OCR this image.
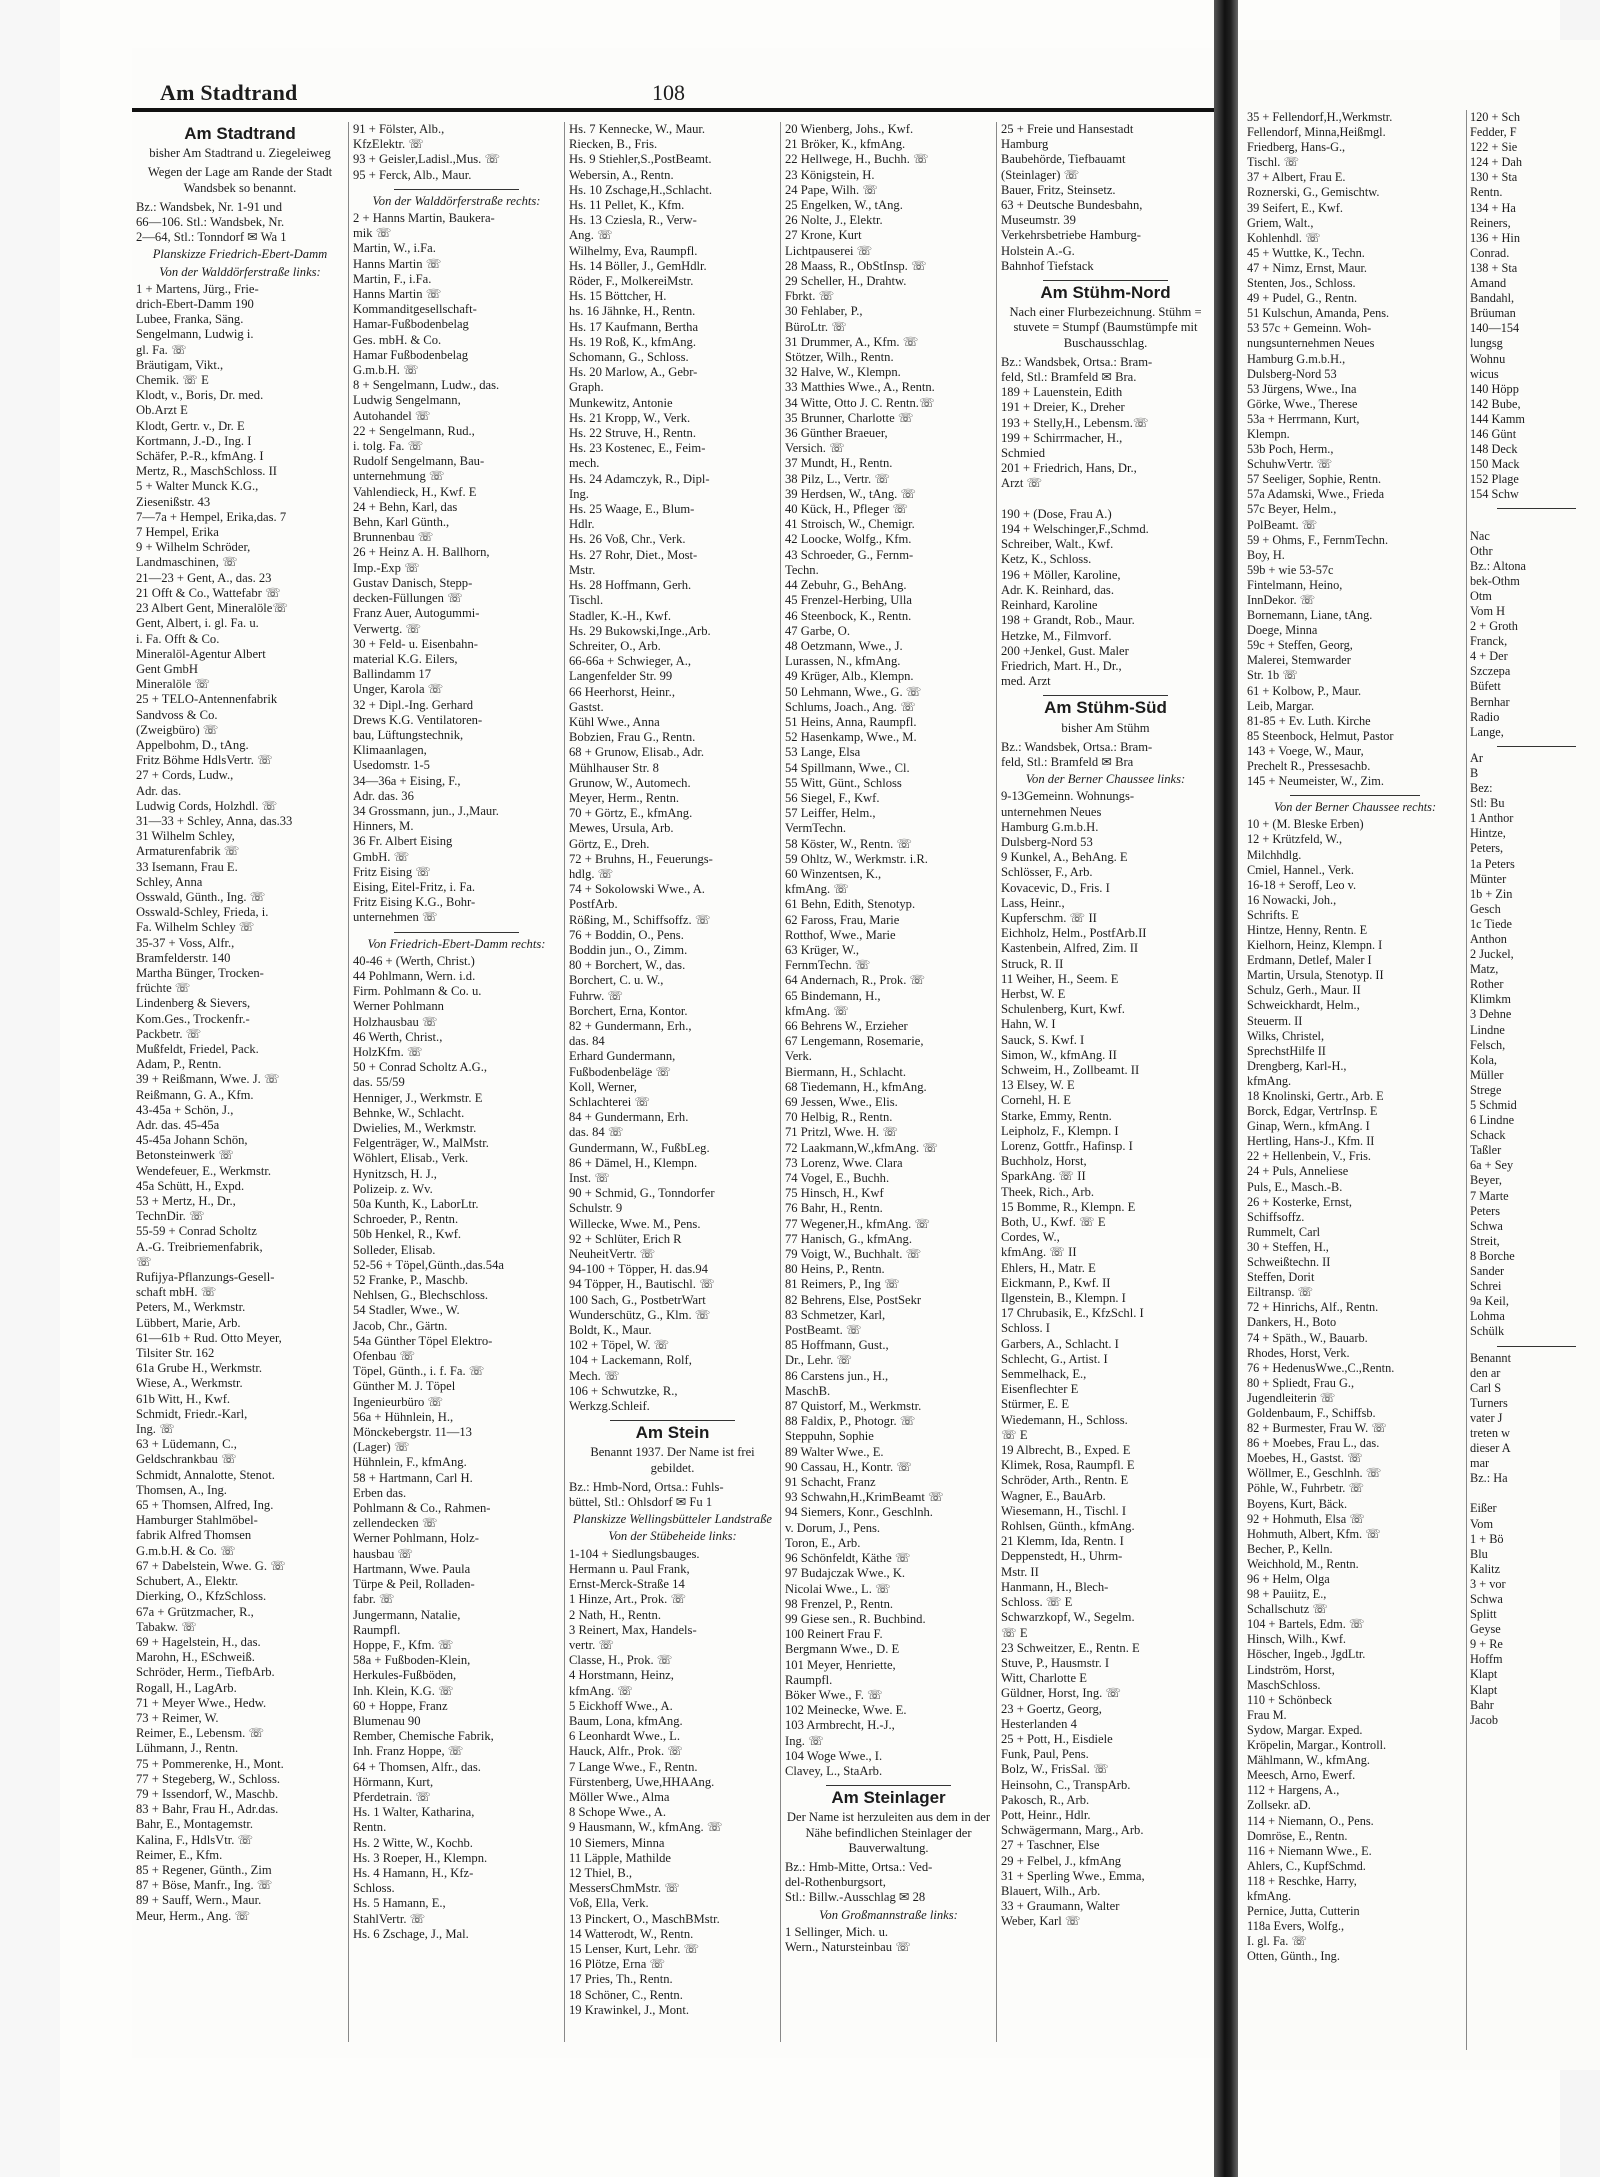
Am Stadtrand	108
Am Stadtrand
bisher Am Stadtrand u. Ziegeleiweg
Wegen der Lage am Rande der Stadt Wandsbek so benannt.
Bz.: Wandsbek, Nr. 1-91 und
66—106. Stl.: Wandsbek, Nr.
2—64, Stl.: Tonndorf ✉ Wa 1
Planskizze Friedrich-Ebert-Damm
Von der Walddörferstraße links:
1 + Martens, Jürg., Frie-
drich-Ebert-Damm 190
Lubee, Franka, Säng.
Sengelmann, Ludwig i.
gl. Fa. ☏
Bräutigam, Vikt.,
Chemik. ☏ E
Klodt, v., Boris, Dr. med.
Ob.Arzt E
Klodt, Gertr. v., Dr. E
Kortmann, J.-D., Ing. I
Schäfer, P.-R., kfmAng. I
Mertz, R., MaschSchloss. II
5 + Walter Munck K.G.,
Ziesenißstr. 43
7—7a + Hempel, Erika,das. 7
7 Hempel, Erika
9 + Wilhelm Schröder,
Landmaschinen, ☏
21—23 + Gent, A., das. 23
21 Offt & Co., Wattefabr ☏
23 Albert Gent, Mineralöle☏
Gent, Albert, i. gl. Fa. u.
i. Fa. Offt & Co.
Mineralöl-Agentur Albert
Gent GmbH
Mineralöle ☏
25 + TELO-Antennenfabrik
Sandvoss & Co.
(Zweigbüro) ☏
Appelbohm, D., tAng.
Fritz Böhme HdlsVertr. ☏
27 + Cords, Ludw.,
Adr. das.
Ludwig Cords, Holzhdl. ☏
31—33 + Schley, Anna, das.33
31 Wilhelm Schley,
Armaturenfabrik ☏
33 Isemann, Frau E.
Schley, Anna
Osswald, Günth., Ing. ☏
Osswald-Schley, Frieda, i.
Fa. Wilhelm Schley ☏
35-37 + Voss, Alfr.,
Bramfelderstr. 140
Martha Bünger, Trocken-
früchte ☏
Lindenberg & Sievers,
Kom.Ges., Trockenfr.-
Packbetr. ☏
Mußfeldt, Friedel, Pack.
Adam, P., Rentn.
39 + Reißmann, Wwe. J. ☏
Reißmann, G. A., Kfm.
43-45a + Schön, J.,
Adr. das. 45-45a
45-45a Johann Schön,
Betonsteinwerk ☏
Wendefeuer, E., Werkmstr.
45a Schütt, H., Expd.
53 + Mertz, H., Dr.,
TechnDir. ☏
55-59 + Conrad Scholtz
A.-G. Treibriemenfabrik,
☏
Rufijya-Pflanzungs-Gesell-
schaft mbH. ☏
Peters, M., Werkmstr.
Lübbert, Marie, Arb.
61—61b + Rud. Otto Meyer,
Tilsiter Str. 162
61a Grube H., Werkmstr.
Wiese, A., Werkmstr.
61b Witt, H., Kwf.
Schmidt, Friedr.-Karl,
Ing. ☏
63 + Lüdemann, C.,
Geldschrankbau ☏
Schmidt, Annalotte, Stenot.
Thomsen, A., Ing.
65 + Thomsen, Alfred, Ing.
Hamburger Stahlmöbel-
fabrik Alfred Thomsen
G.m.b.H. & Co. ☏
67 + Dabelstein, Wwe. G. ☏
Schubert, A., Elektr.
Dierking, O., KfzSchloss.
67a + Grützmacher, R.,
Tabakw. ☏
69 + Hagelstein, H., das.
Marohn, H., ESchweiß.
Schröder, Herm., TiefbArb.
Rogall, H., LagArb.
71 + Meyer Wwe., Hedw.
73 + Reimer, W.
Reimer, E., Lebensm. ☏
Lühmann, J., Rentn.
75 + Pommerenke, H., Mont.
77 + Stegeberg, W., Schloss.
79 + Issendorf, W., Maschb.
83 + Bahr, Frau H., Adr.das.
Bahr, E., Montagemstr.
Kalina, F., HdlsVtr. ☏
Reimer, E., Kfm.
85 + Regener, Günth., Zim
87 + Böse, Manfr., Ing. ☏
89 + Sauff, Wern., Maur.
Meur, Herm., Ang. ☏
91 + Fölster, Alb.,
KfzElektr. ☏
93 + Geisler,Ladisl.,Mus. ☏
95 + Ferck, Alb., Maur.
Von der Walddörferstraße rechts:
2 + Hanns Martin, Baukera-
mik ☏
Martin, W., i.Fa.
Hanns Martin ☏
Martin, F., i.Fa.
Hanns Martin ☏
Kommanditgesellschaft-
Hamar-Fußbodenbelag
Ges. mbH. & Co.
Hamar Fußbodenbelag
G.m.b.H. ☏
8 + Sengelmann, Ludw., das.
Ludwig Sengelmann,
Autohandel ☏
22 + Sengelmann, Rud.,
i. tolg. Fa. ☏
Rudolf Sengelmann, Bau-
unternehmung ☏
Vahlendieck, H., Kwf. E
24 + Behn, Karl, das
Behn, Karl Günth.,
Brunnenbau ☏
26 + Heinz A. H. Ballhorn,
Imp.-Exp ☏
Gustav Danisch, Stepp-
decken-Füllungen ☏
Franz Auer, Autogummi-
Verwertg. ☏
30 + Feld- u. Eisenbahn-
material K.G. Eilers,
Ballindamm 17
Unger, Karola ☏
32 + Dipl.-Ing. Gerhard
Drews K.G. Ventilatoren-
bau, Lüftungstechnik,
Klimaanlagen,
Usedomstr. 1-5
34—36a + Eising, F.,
Adr. das. 36
34 Grossmann, jun., J.,Maur.
Hinners, M.
36 Fr. Albert Eising
GmbH. ☏
Fritz Eising ☏
Eising, Eitel-Fritz, i. Fa.
Fritz Eising K.G., Bohr-
unternehmen ☏
Von Friedrich-Ebert-Damm rechts:
40-46 + (Werth, Christ.)
44 Pohlmann, Wern. i.d.
Firm. Pohlmann & Co. u.
Werner Pohlmann
Holzhausbau ☏
46 Werth, Christ.,
HolzKfm. ☏
50 + Conrad Scholtz A.G.,
das. 55/59
Henniger, J., Werkmstr. E
Behnke, W., Schlacht.
Dwielies, M., Werkmstr.
Felgenträger, W., MalMstr.
Wöhlert, Elisab., Verk.
Hynitzsch, H. J.,
Polizeip. z. Wv.
50a Kunth, K., LaborLtr.
Schroeder, P., Rentn.
50b Henkel, R., Kwf.
Solleder, Elisab.
52-56 + Töpel,Günth.,das.54a
52 Franke, P., Maschb.
Nehlsen, G., Blechschloss.
54 Stadler, Wwe., W.
Jacob, Chr., Gärtn.
54a Günther Töpel Elektro-
Ofenbau ☏
Töpel, Günth., i. f. Fa. ☏
Günther M. J. Töpel
Ingenieurbüro ☏
56a + Hühnlein, H.,
Mönckebergstr. 11—13
(Lager) ☏
Hühnlein, F., kfmAng.
58 + Hartmann, Carl H.
Erben das.
Pohlmann & Co., Rahmen-
zellendecken ☏
Werner Pohlmann, Holz-
hausbau ☏
Hartmann, Wwe. Paula
Türpe & Peil, Rolladen-
fabr. ☏
Jungermann, Natalie,
Raumpfl.
Hoppe, F., Kfm. ☏
58a + Fußboden-Klein,
Herkules-Fußböden,
Inh. Klein, K.G. ☏
60 + Hoppe, Franz
Blumenau 90
Rember, Chemische Fabrik,
Inh. Franz Hoppe, ☏
64 + Thomsen, Alfr., das.
Hörmann, Kurt,
Pferdetrain. ☏
Hs. 1 Walter, Katharina,
Rentn.
Hs. 2 Witte, W., Kochb.
Hs. 3 Roeper, H., Klempn.
Hs. 4 Hamann, H., Kfz-
Schloss.
Hs. 5 Hamann, E.,
StahlVertr. ☏
Hs. 6 Zschage, J., Mal.
Hs. 7 Kennecke, W., Maur.
Riecken, B., Fris.
Hs. 9 Stiehler,S.,PostBeamt.
Webersin, A., Rentn.
Hs. 10 Zschage,H.,Schlacht.
Hs. 11 Pellet, K., Kfm.
Hs. 13 Cziesla, R., Verw-
Ang. ☏
Wilhelmy, Eva, Raumpfl.
Hs. 14 Böller, J., GemHdlr.
Röder, F., MolkereiMstr.
Hs. 15 Böttcher, H.
hs. 16 Jähnke, H., Rentn.
Hs. 17 Kaufmann, Bertha
Hs. 19 Roß, K., kfmAng.
Schomann, G., Schloss.
Hs. 20 Marlow, A., Gebr-
Graph.
Munkewitz, Antonie
Hs. 21 Kropp, W., Verk.
Hs. 22 Struve, H., Rentn.
Hs. 23 Kostenec, E., Feim-
mech.
Hs. 24 Adamczyk, R., Dipl-
Ing.
Hs. 25 Waage, E., Blum-
Hdlr.
Hs. 26 Voß, Chr., Verk.
Hs. 27 Rohr, Diet., Most-
Mstr.
Hs. 28 Hoffmann, Gerh.
Tischl.
Stadler, K.-H., Kwf.
Hs. 29 Bukowski,Inge.,Arb.
Schreiter, O., Arb.
66-66a + Schwieger, A.,
Langenfelder Str. 99
66 Heerhorst, Heinr.,
Gastst.
Kühl Wwe., Anna
Bobzien, Frau G., Rentn.
68 + Grunow, Elisab., Adr.
Mühlhauser Str. 8
Grunow, W., Automech.
Meyer, Herm., Rentn.
70 + Görtz, E., kfmAng.
Mewes, Ursula, Arb.
Görtz, E., Dreh.
72 + Bruhns, H., Feuerungs-
hdlg. ☏
74 + Sokolowski Wwe., A.
PostfArb.
Rößing, M., Schiffsoffz. ☏
76 + Boddin, O., Pens.
Boddin jun., O., Zimm.
80 + Borchert, W., das.
Borchert, C. u. W.,
Fuhrw. ☏
Borchert, Erna, Kontor.
82 + Gundermann, Erh.,
das. 84
Erhard Gundermann,
Fußbodenbeläge ☏
Koll, Werner,
Schlachterei ☏
84 + Gundermann, Erh.
das. 84 ☏
Gundermann, W., FußbLeg.
86 + Dämel, H., Klempn.
Inst. ☏
90 + Schmid, G., Tonndorfer
Schulstr. 9
Willecke, Wwe. M., Pens.
92 + Schlüter, Erich R
NeuheitVertr. ☏
94-100 + Töpper, H. das.94
94 Töpper, H., Bautischl. ☏
100 Sach, G., PostbetrWart
Wunderschütz, G., Klm. ☏
Boldt, K., Maur.
102 + Töpel, W. ☏
104 + Lackemann, Rolf,
Mech. ☏
106 + Schwutzke, R.,
Werkzg.Schleif.
Am Stein
Benannt 1937. Der Name ist frei gebildet.
Bz.: Hmb-Nord, Ortsa.: Fuhls-
büttel, Stl.: Ohlsdorf ✉ Fu 1
Planskizze Wellingsbütteler Landstraße
Von der Stübeheide links:
1-104 + Siedlungsbauges.
Hermann u. Paul Frank,
Ernst-Merck-Straße 14
1 Hinze, Art., Prok. ☏
2 Nath, H., Rentn.
3 Reinert, Max, Handels-
vertr. ☏
Classe, H., Prok. ☏
4 Horstmann, Heinz,
kfmAng. ☏
5 Eickhoff Wwe., A.
Baum, Lona, kfmAng.
6 Leonhardt Wwe., L.
Hauck, Alfr., Prok. ☏
7 Lange Wwe., F., Rentn.
Fürstenberg, Uwe,HHAAng.
Möller Wwe., Alma
8 Schope Wwe., A.
9 Hausmann, W., kfmAng. ☏
10 Siemers, Minna
11 Läpple, Mathilde
12 Thiel, B.,
MessersChmMstr. ☏
Voß, Ella, Verk.
13 Pinckert, O., MaschBMstr.
14 Watterodt, W., Rentn.
15 Lenser, Kurt, Lehr. ☏
16 Plötze, Erna ☏
17 Pries, Th., Rentn.
18 Schöner, C., Rentn.
19 Krawinkel, J., Mont.
20 Wienberg, Johs., Kwf.
21 Bröker, K., kfmAng.
22 Hellwege, H., Buchh. ☏
23 Königstein, H.
24 Pape, Wilh. ☏
25 Engelken, W., tAng.
26 Nolte, J., Elektr.
27 Krone, Kurt
Lichtpauserei ☏
28 Maass, R., ObStInsp. ☏
29 Scheller, H., Drahtw.
Fbrkt. ☏
30 Fehlaber, P.,
BüroLtr. ☏
31 Drummer, A., Kfm. ☏
Stötzer, Wilh., Rentn.
32 Halve, W., Klempn.
33 Matthies Wwe., A., Rentn.
34 Witte, Otto J. C. Rentn.☏
35 Brunner, Charlotte ☏
36 Günther Braeuer,
Versich. ☏
37 Mundt, H., Rentn.
38 Pilz, L., Vertr. ☏
39 Herdsen, W., tAng. ☏
40 Kück, H., Pfleger ☏
41 Stroisch, W., Chemigr.
42 Loocke, Wolfg., Kfm.
43 Schroeder, G., Fernm-
Techn.
44 Zebuhr, G., BehAng.
45 Frenzel-Herbing, Ulla
46 Steenbock, K., Rentn.
47 Garbe, O.
48 Oetzmann, Wwe., J.
Lurassen, N., kfmAng.
49 Krüger, Alb., Klempn.
50 Lehmann, Wwe., G. ☏
Schlums, Joach., Ang. ☏
51 Heins, Anna, Raumpfl.
52 Hasenkamp, Wwe., M.
53 Lange, Elsa
54 Spillmann, Wwe., Cl.
55 Witt, Günt., Schloss
56 Siegel, F., Kwf.
57 Leiffer, Helm.,
VermTechn.
58 Köster, W., Rentn. ☏
59 Ohltz, W., Werkmstr. i.R.
60 Winzentsen, K.,
kfmAng. ☏
61 Behn, Edith, Stenotyp.
62 Faross, Frau, Marie
Rotthof, Wwe., Marie
63 Krüger, W.,
FernmTechn. ☏
64 Andernach, R., Prok. ☏
65 Bindemann, H.,
kfmAng. ☏
66 Behrens W., Erzieher
67 Lengemann, Rosemarie,
Verk.
Biermann, H., Schlacht.
68 Tiedemann, H., kfmAng.
69 Jessen, Wwe., Elis.
70 Helbig, R., Rentn.
71 Pritzl, Wwe. H. ☏
72 Laakmann,W.,kfmAng. ☏
73 Lorenz, Wwe. Clara
74 Vogel, E., Buchh.
75 Hinsch, H., Kwf
76 Bahr, H., Rentn.
77 Wegener,H., kfmAng. ☏
77 Hanisch, G., kfmAng.
79 Voigt, W., Buchhalt. ☏
80 Heins, P., Rentn.
81 Reimers, P., Ing ☏
82 Behrens, Else, PostSekr
83 Schmetzer, Karl,
PostBeamt. ☏
85 Hoffmann, Gust.,
Dr., Lehr. ☏
86 Carstens jun., H.,
MaschB.
87 Quistorf, M., Werkmstr.
88 Faldix, P., Photogr. ☏
Steppuhn, Sophie
89 Walter Wwe., E.
90 Cassau, H., Kontr. ☏
91 Schacht, Franz
93 Schwahn,H.,KrimBeamt ☏
94 Siemers, Konr., Geschlnh.
v. Dorum, J., Pens.
Toron, E., Arb.
96 Schönfeldt, Käthe ☏
97 Budajczak Wwe., K.
Nicolai Wwe., L. ☏
98 Frenzel, P., Rentn.
99 Giese sen., R. Buchbind.
100 Reinert Frau F.
Bergmann Wwe., D. E
101 Meyer, Henriette,
Raumpfl.
Böker Wwe., F. ☏
102 Meinecke, Wwe. E.
103 Armbrecht, H.-J.,
Ing. ☏
104 Woge Wwe., I.
Clavey, L., StaArb.
Am Steinlager
Der Name ist herzuleiten aus dem in der Nähe befindlichen Steinlager der Bauverwaltung.
Bz.: Hmb-Mitte, Ortsa.: Ved-
del-Rothenburgsort,
Stl.: Billw.-Ausschlag ✉ 28
Von Großmannstraße links:
1 Sellinger, Mich. u.
Wern., Natursteinbau ☏
25 + Freie und Hansestadt
Hamburg
Baubehörde, Tiefbauamt
(Steinlager) ☏
Bauer, Fritz, Steinsetz.
63 + Deutsche Bundesbahn,
Museumstr. 39
Verkehrsbetriebe Hamburg-
Holstein A.-G.
Bahnhof Tiefstack
Am Stühm-Nord
Nach einer Flurbezeichnung. Stühm = stuvete = Stumpf (Baumstümpfe mit Buschausschlag.
Bz.: Wandsbek, Ortsa.: Bram-
feld, Stl.: Bramfeld ✉ Bra.
189 + Lauenstein, Edith
191 + Dreier, K., Dreher
193 + Stelly,H., Lebensm.☏
199 + Schirrmacher, H.,
Schmied
201 + Friedrich, Hans, Dr.,
Arzt ☏

190 + (Dose, Frau A.)
194 + Welschinger,F.,Schmd.
Schreiber, Walt., Kwf.
Ketz, K., Schloss.
196 + Möller, Karoline,
Adr. K. Reinhard, das.
Reinhard, Karoline
198 + Grandt, Rob., Maur.
Hetzke, M., Filmvorf.
200 +Jenkel, Gust. Maler
Friedrich, Mart. H., Dr.,
med. Arzt
Am Stühm-Süd
bisher Am Stühm
Bz.: Wandsbek, Ortsa.: Bram-
feld, Stl.: Bramfeld ✉ Bra
Von der Berner Chaussee links:
9-13Gemeinn. Wohnungs-
unternehmen Neues
Hamburg G.m.b.H.
Dulsberg-Nord 53
9 Kunkel, A., BehAng. E
Schlösser, F., Arb.
Kovacevic, D., Fris. I
Lass, Heinr.,
Kupferschm. ☏ II
Eichholz, Helm., PostfArb.II
Kastenbein, Alfred, Zim. II
Struck, R. II
11 Weiher, H., Seem. E
Herbst, W. E
Schulenberg, Kurt, Kwf.
Hahn, W. I
Sauck, S. Kwf. I
Simon, W., kfmAng. II
Schweim, H., Zollbeamt. II
13 Elsey, W. E
Cornehl, H. E
Starke, Emmy, Rentn.
Leipholz, F., Klempn. I
Lorenz, Gottfr., Hafinsp. I
Buchholz, Horst,
SparkAng. ☏ II
Theek, Rich., Arb.
15 Bomme, R., Klempn. E
Both, U., Kwf. ☏ E
Cordes, W.,
kfmAng. ☏ II
Ehlers, H., Matr. E
Eickmann, P., Kwf. II
Ilgenstein, B., Klempn. I
17 Chrubasik, E., KfzSchl. I
Schloss. I
Garbers, A., Schlacht. I
Schlecht, G., Artist. I
Semmelhack, E.,
Eisenflechter E
Stürmer, E. E
Wiedemann, H., Schloss.
☏ E
19 Albrecht, B., Exped. E
Klimek, Rosa, Raumpfl. E
Schröder, Arth., Rentn. E
Wagner, E., BauArb.
Wiesemann, H., Tischl. I
Rohlsen, Günth., kfmAng.
21 Klemm, Ida, Rentn. I
Deppenstedt, H., Uhrm-
Mstr. II
Hanmann, H., Blech-
Schloss. ☏ E
Schwarzkopf, W., Segelm.
☏ E
23 Schweitzer, E., Rentn. E
Stuve, P., Hausmstr. I
Witt, Charlotte E
Güldner, Horst, Ing. ☏
23 + Goertz, Georg,
Hesterlanden 4
25 + Pott, H., Eisdiele
Funk, Paul, Pens.
Bolz, W., FrisSal. ☏
Heinsohn, C., TranspArb.
Pakosch, R., Arb.
Pott, Heinr., Hdlr.
Schwägermann, Marg., Arb.
27 + Taschner, Else
29 + Felbel, J., kfmAng
31 + Sperling Wwe., Emma,
Blauert, Wilh., Arb.
33 + Graumann, Walter
Weber, Karl ☏
35 + Fellendorf,H.,Werkmstr.
Fellendorf, Minna,Heißmgl.
Friedberg, Hans-G.,
Tischl. ☏
37 + Albert, Frau E.
Roznerski, G., Gemischtw.
39 Seifert, E., Kwf.
Griem, Walt.,
Kohlenhdl. ☏
45 + Wuttke, K., Techn.
47 + Nimz, Ernst, Maur.
Stenten, Jos., Schloss.
49 + Pudel, G., Rentn.
51 Kulschun, Amanda, Pens.
53 57c + Gemeinn. Woh-
nungsunternehmen Neues
Hamburg G.m.b.H.,
Dulsberg-Nord 53
53 Jürgens, Wwe., Ina
Görke, Wwe., Therese
53a + Herrmann, Kurt,
Klempn.
53b Poch, Herm.,
SchuhwVertr. ☏
57 Seeliger, Sophie, Rentn.
57a Adamski, Wwe., Frieda
57c Beyer, Helm.,
PolBeamt. ☏
59 + Ohms, F., FernmTechn.
Boy, H.
59b + wie 53-57c
Fintelmann, Heino,
InnDekor. ☏
Bornemann, Liane, tAng.
Doege, Minna
59c + Steffen, Georg,
Malerei, Stemwarder
Str. 1b ☏
61 + Kolbow, P., Maur.
Leib, Margar.
81-85 + Ev. Luth. Kirche
85 Steenbock, Helmut, Pastor
143 + Voege, W., Maur,
Prechelt R., Pressesachb.
145 + Neumeister, W., Zim.
Von der Berner Chaussee rechts:
10 + (M. Bleske Erben)
12 + Krützfeld, W.,
Milchhdlg.
Cmiel, Hannel., Verk.
16-18 + Seroff, Leo v.
16 Nowacki, Joh.,
Schrifts. E
Hintze, Henny, Rentn. E
Kielhorn, Heinz, Klempn. I
Erdmann, Detlef, Maler I
Martin, Ursula, Stenotyp. II
Schulz, Gerh., Maur. II
Schweickhardt, Helm.,
Steuerm. II
Wilks, Christel,
SprechstHilfe II
Drengberg, Karl-H.,
kfmAng.
18 Knolinski, Gertr., Arb. E
Borck, Edgar, VertrInsp. E
Ginap, Wern., kfmAng. I
Hertling, Hans-J., Kfm. II
22 + Hellenbein, V., Fris.
24 + Puls, Anneliese
Puls, E., Masch.-B.
26 + Kosterke, Ernst,
Schiffsoffz.
Rummelt, Carl
30 + Steffen, H.,
Schweißtechn. II
Steffen, Dorit
Eiltransp. ☏
72 + Hinrichs, Alf., Rentn.
Dankers, H., Boto
74 + Späth., W., Bauarb.
Rhodes, Horst, Verk.
76 + HedenusWwe.,C.,Rentn.
80 + Spliedt, Frau G.,
Jugendleiterin ☏
Goldenbaum, F., Schiffsb.
82 + Burmester, Frau W. ☏
86 + Moebes, Frau L., das.
Moebes, H., Gastst. ☏
Wöllmer, E., Geschlnh. ☏
Pöhle, W., Fuhrbetr. ☏
Boyens, Kurt, Bäck.
92 + Hohmuth, Elsa ☏
Hohmuth, Albert, Kfm. ☏
Becher, P., Kelln.
Weichhold, M., Rentn.
96 + Helm, Olga
98 + Pauiitz, E.,
Schallschutz ☏
104 + Bartels, Edm. ☏
Hinsch, Wilh., Kwf.
Höscher, Ingeb., JgdLtr.
Lindström, Horst,
MaschSchloss.
110 + Schönbeck
Frau M.
Sydow, Margar. Exped.
Kröpelin, Margar., Kontroll.
Mählmann, W., kfmAng.
Meesch, Arno, Ewerf.
112 + Hargens, A.,
Zollsekr. aD.
114 + Niemann, O., Pens.
Domröse, E., Rentn.
116 + Niemann Wwe., E.
Ahlers, C., KupfSchmd.
118 + Reschke, Harry,
kfmAng.
Pernice, Jutta, Cutterin
118a Evers, Wolfg.,
I. gl. Fa. ☏
Otten, Günth., Ing.
120 + Sch
Fedder, F
122 + Sie
124 + Dah
130 + Sta
Rentn.
134 + Ha
Reiners,
136 + Hin
Conrad.
138 + Sta
Amand
Bandahl,
Brüuman
140—154
lungsg
Wohnu
wicus
140 Höpp
142 Bube,
144 Kamm
146 Günt
148 Deck
150 Mack
152 Plage
154 Schw

Nac
Othr
Bz.: Altona
bek-Othm
Otm
Vom H
2 + Groth
Franck,
4 + Der
Szczepa
Büfett
Bernhar
Radio
Lange,
Ar
B
Bez:
Stl: Bu
1 Anthor
Hintze,
Peters,
1a Peters
Münter
1b + Zin
Gesch
1c Tiede
Anthon
2 Juckel,
Matz,
Rother
Klimkm
3 Dehne
Lindne
Felsch,
Kola,
Müller
Strege
5 Schmid
6 Lindne
Schack
Taßler
6a + Sey
Beyer,
7 Marte
Peters
Schwa
Streit,
8 Borche
Sander
Schrei
9a Keil,
Lohma
Schülk
Benannt
den ar
Carl S
Turners
vater J
treten w
dieser A
mar
Bz.: Ha

Eißer
Vom
1 + Bö
Blu
Kalitz
3 + vor
Schwa
Splitt
Geyse
9 + Re
Hoffm
Klapt
Klapt
Bahr
Jacob
